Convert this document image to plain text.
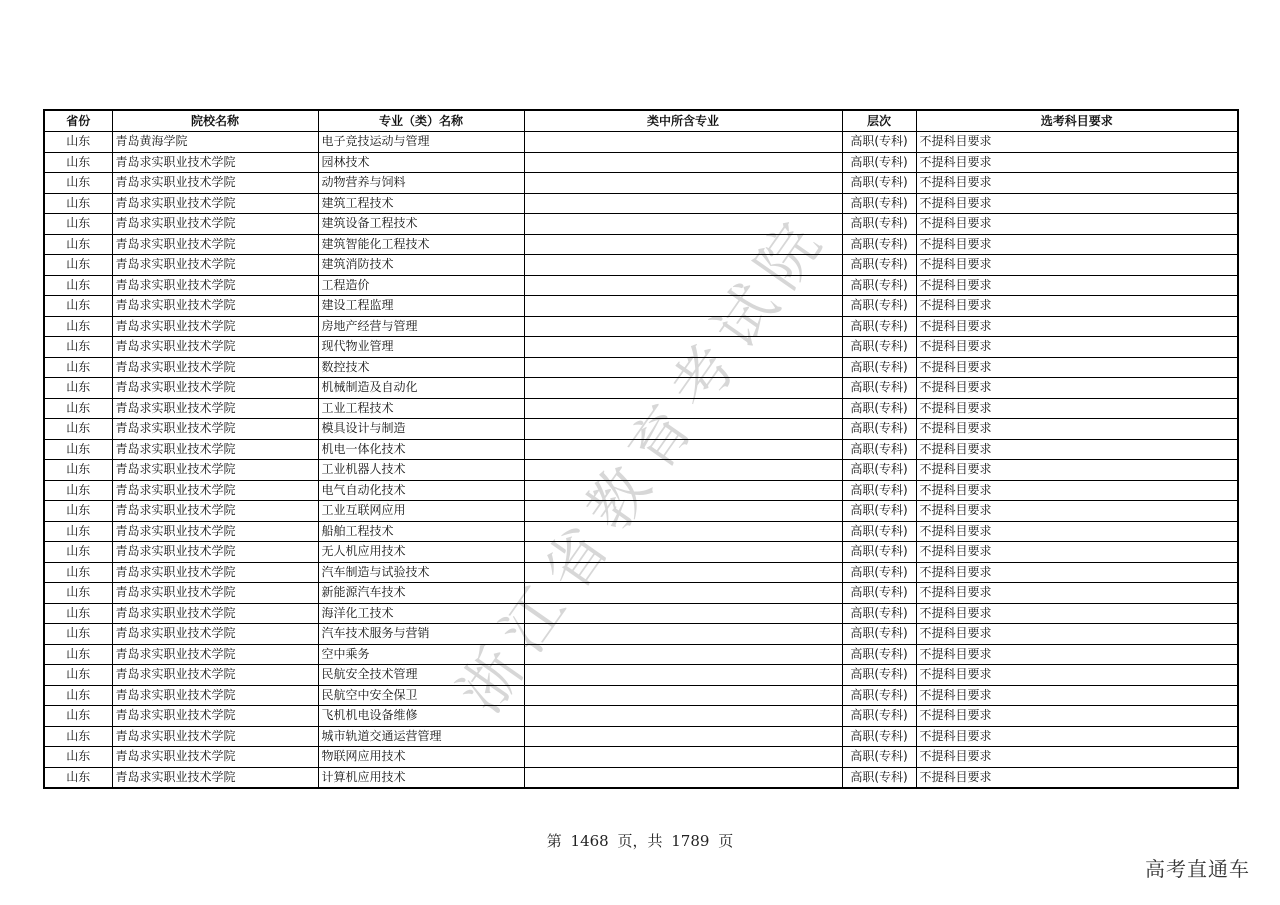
浙江省教育考试院
省份	院校名称	专业（类）名称	类中所含专业	层次	选考科目要求
山东	青岛黄海学院	电子竞技运动与管理		高职(专科)	不提科目要求
山东	青岛求实职业技术学院	园林技术		高职(专科)	不提科目要求
山东	青岛求实职业技术学院	动物营养与饲料		高职(专科)	不提科目要求
山东	青岛求实职业技术学院	建筑工程技术		高职(专科)	不提科目要求
山东	青岛求实职业技术学院	建筑设备工程技术		高职(专科)	不提科目要求
山东	青岛求实职业技术学院	建筑智能化工程技术		高职(专科)	不提科目要求
山东	青岛求实职业技术学院	建筑消防技术		高职(专科)	不提科目要求
山东	青岛求实职业技术学院	工程造价		高职(专科)	不提科目要求
山东	青岛求实职业技术学院	建设工程监理		高职(专科)	不提科目要求
山东	青岛求实职业技术学院	房地产经营与管理		高职(专科)	不提科目要求
山东	青岛求实职业技术学院	现代物业管理		高职(专科)	不提科目要求
山东	青岛求实职业技术学院	数控技术		高职(专科)	不提科目要求
山东	青岛求实职业技术学院	机械制造及自动化		高职(专科)	不提科目要求
山东	青岛求实职业技术学院	工业工程技术		高职(专科)	不提科目要求
山东	青岛求实职业技术学院	模具设计与制造		高职(专科)	不提科目要求
山东	青岛求实职业技术学院	机电一体化技术		高职(专科)	不提科目要求
山东	青岛求实职业技术学院	工业机器人技术		高职(专科)	不提科目要求
山东	青岛求实职业技术学院	电气自动化技术		高职(专科)	不提科目要求
山东	青岛求实职业技术学院	工业互联网应用		高职(专科)	不提科目要求
山东	青岛求实职业技术学院	船舶工程技术		高职(专科)	不提科目要求
山东	青岛求实职业技术学院	无人机应用技术		高职(专科)	不提科目要求
山东	青岛求实职业技术学院	汽车制造与试验技术		高职(专科)	不提科目要求
山东	青岛求实职业技术学院	新能源汽车技术		高职(专科)	不提科目要求
山东	青岛求实职业技术学院	海洋化工技术		高职(专科)	不提科目要求
山东	青岛求实职业技术学院	汽车技术服务与营销		高职(专科)	不提科目要求
山东	青岛求实职业技术学院	空中乘务		高职(专科)	不提科目要求
山东	青岛求实职业技术学院	民航安全技术管理		高职(专科)	不提科目要求
山东	青岛求实职业技术学院	民航空中安全保卫		高职(专科)	不提科目要求
山东	青岛求实职业技术学院	飞机机电设备维修		高职(专科)	不提科目要求
山东	青岛求实职业技术学院	城市轨道交通运营管理		高职(专科)	不提科目要求
山东	青岛求实职业技术学院	物联网应用技术		高职(专科)	不提科目要求
山东	青岛求实职业技术学院	计算机应用技术		高职(专科)	不提科目要求
第 1468 页，共 1789 页
高考直通车
